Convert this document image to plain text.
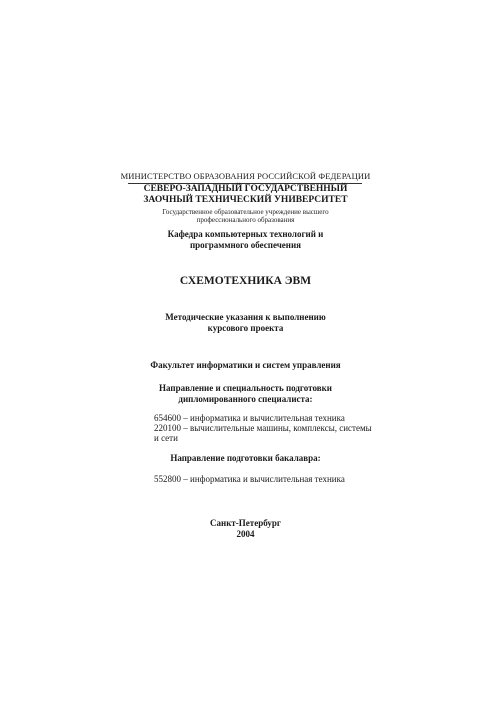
МИНИСТЕРСТВО ОБРАЗОВАНИЯ РОССИЙСКОЙ ФЕДЕРАЦИИ
СЕВЕРО-ЗАПАДНЫЙ ГОСУДАРСТВЕННЫЙ
ЗАОЧНЫЙ ТЕХНИЧЕСКИЙ УНИВЕРСИТЕТ
Государственное образовательное учреждение высшего
профессионального образования
Кафедра компьютерных технологий и
программного обеспечения
СХЕМОТЕХНИКА ЭВМ
Методические указания к выполнению
курсового проекта
Факультет информатики и систем управления
Направление и специальность подготовки
дипломированного специалиста:
654600 – информатика и вычислительная техника
220100 – вычислительные машины, комплексы, системы
и сети
Направление подготовки бакалавра:
552800 – информатика и вычислительная техника
Санкт-Петербург
2004
